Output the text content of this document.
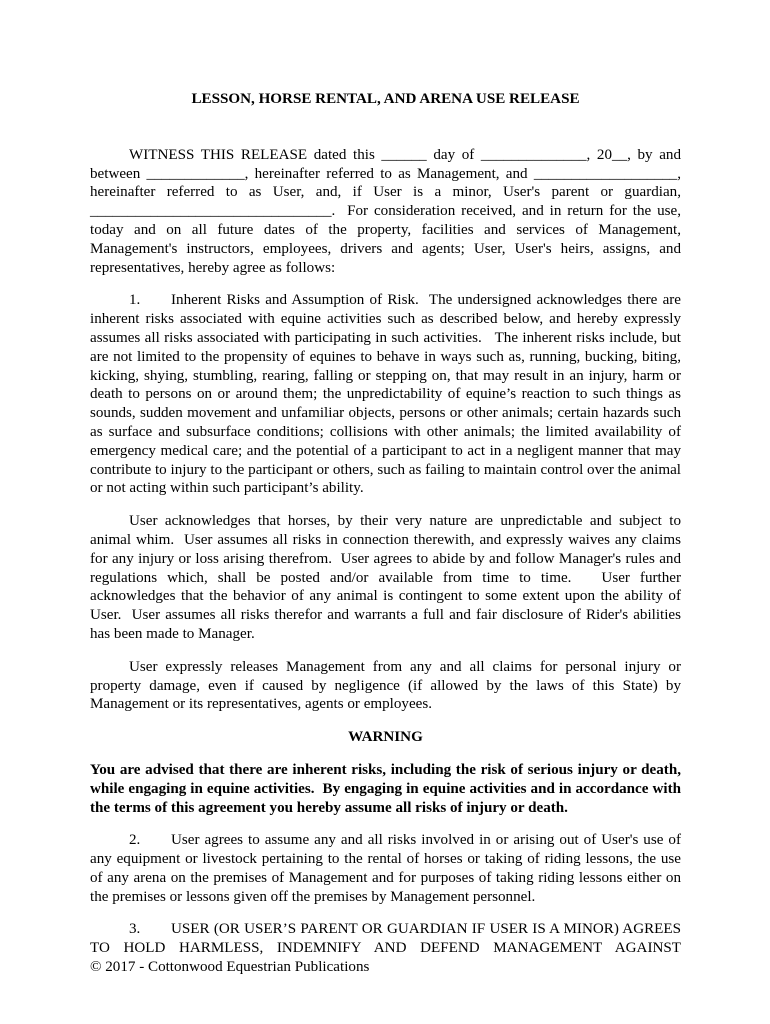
LESSON, HORSE RENTAL, AND ARENA USE RELEASE

WITNESS THIS RELEASE dated this ______ day of ______________, 20__, by and between _____________, hereinafter referred to as Management, and ___________________, hereinafter referred to as User, and, if User is a minor, User's parent or guardian, ________________________________.  For consideration received, and in return for the use, today and on all future dates of the property, facilities and services of Management, Management's instructors, employees, drivers and agents; User, User's heirs, assigns, and representatives, hereby agree as follows:

1. Inherent Risks and Assumption of Risk.  The undersigned acknowledges there are inherent risks associated with equine activities such as described below, and hereby expressly assumes all risks associated with participating in such activities.   The inherent risks include, but are not limited to the propensity of equines to behave in ways such as, running, bucking, biting, kicking, shying, stumbling, rearing, falling or stepping on, that may result in an injury, harm or death to persons on or around them; the unpredictability of equine’s reaction to such things as sounds, sudden movement and unfamiliar objects, persons or other animals; certain hazards such as surface and subsurface conditions; collisions with other animals; the limited availability of emergency medical care; and the potential of a participant to act in a negligent manner that may contribute to injury to the participant or others, such as failing to maintain control over the animal or not acting within such participant’s ability.

User acknowledges that horses, by their very nature are unpredictable and subject to animal whim.  User assumes all risks in connection therewith, and expressly waives any claims for any injury or loss arising therefrom.  User agrees to abide by and follow Manager's rules and regulations which, shall be posted and/or available from time to time.   User further acknowledges that the behavior of any animal is contingent to some extent upon the ability of User.  User assumes all risks therefor and warrants a full and fair disclosure of Rider's abilities has been made to Manager.

User expressly releases Management from any and all claims for personal injury or property damage, even if caused by negligence (if allowed by the laws of this State) by Management or its representatives, agents or employees.

WARNING

You are advised that there are inherent risks, including the risk of serious injury or death, while engaging in equine activities.  By engaging in equine activities and in accordance with the terms of this agreement you hereby assume all risks of injury or death.

2. User agrees to assume any and all risks involved in or arising out of User's use of any equipment or livestock pertaining to the rental of horses or taking of riding lessons, the use of any arena on the premises of Management and for purposes of taking riding lessons either on the premises or lessons given off the premises by Management personnel.

3. USER (OR USER’S PARENT OR GUARDIAN IF USER IS A MINOR) AGREES TO HOLD HARMLESS, INDEMNIFY AND DEFEND MANAGEMENT AGAINST

© 2017 - Cottonwood Equestrian Publications
